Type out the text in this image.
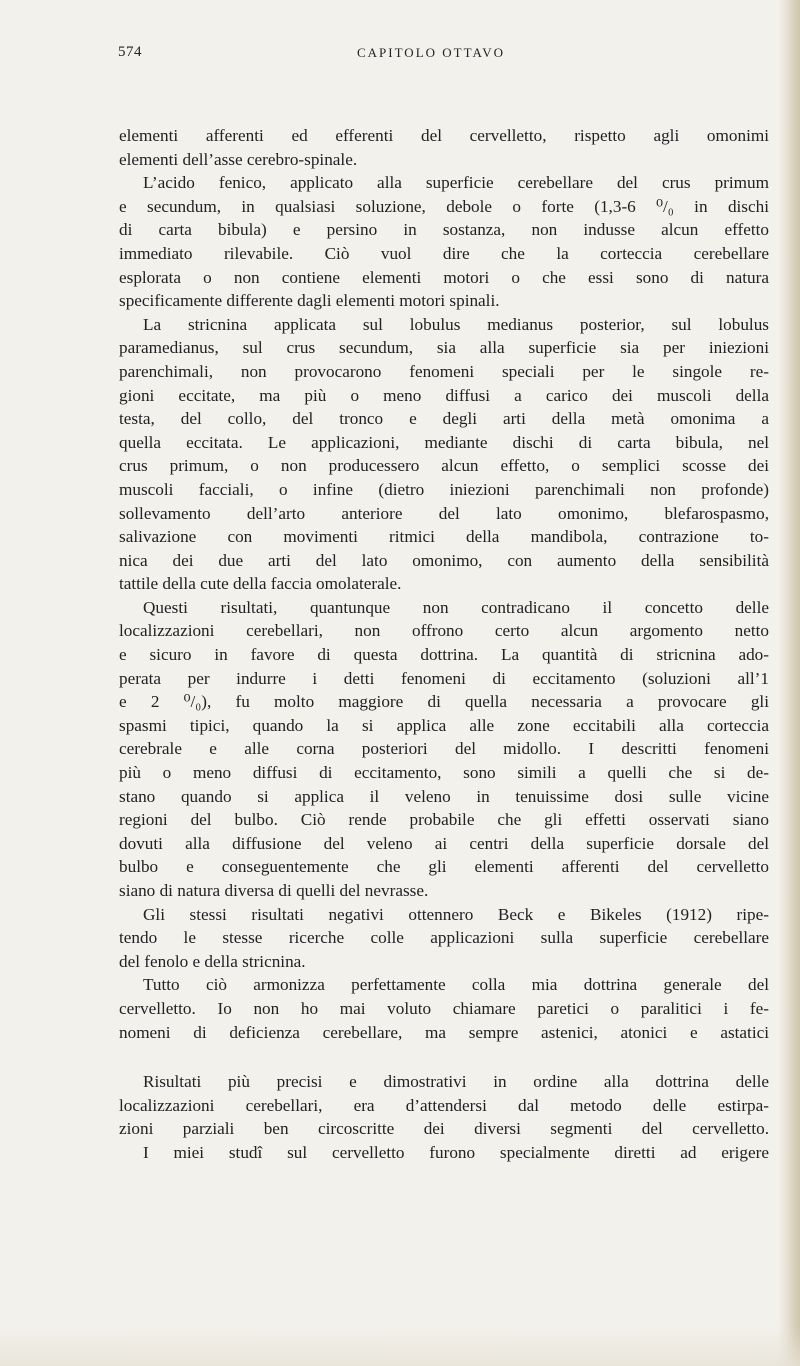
574	CAPITOLO OTTAVO
elementi afferenti ed efferenti del cervelletto, rispetto agli omonimi
elementi dell’asse cerebro-spinale.
L’acido fenico, applicato alla superficie cerebellare del crus primum
e secundum, in qualsiasi soluzione, debole o forte (1,3-6 ⁰/₀ in dischi
di carta bibula) e persino in sostanza, non indusse alcun effetto
immediato rilevabile. Ciò vuol dire che la corteccia cerebellare
esplorata o non contiene elementi motori o che essi sono di natura
specificamente differente dagli elementi motori spinali.
La stricnina applicata sul lobulus medianus posterior, sul lobulus
paramedianus, sul crus secundum, sia alla superficie sia per iniezioni
parenchimali, non provocarono fenomeni speciali per le singole re-
gioni eccitate, ma più o meno diffusi a carico dei muscoli della
testa, del collo, del tronco e degli arti della metà omonima a
quella eccitata. Le applicazioni, mediante dischi di carta bibula, nel
crus primum, o non producessero alcun effetto, o semplici scosse dei
muscoli facciali, o infine (dietro iniezioni parenchimali non profonde)
sollevamento dell’arto anteriore del lato omonimo, blefarospasmo,
salivazione con movimenti ritmici della mandibola, contrazione to-
nica dei due arti del lato omonimo, con aumento della sensibilità
tattile della cute della faccia omolaterale.
Questi risultati, quantunque non contradicano il concetto delle
localizzazioni cerebellari, non offrono certo alcun argomento netto
e sicuro in favore di questa dottrina. La quantità di stricnina ado-
perata per indurre i detti fenomeni di eccitamento (soluzioni all’1
e 2 ⁰/₀), fu molto maggiore di quella necessaria a provocare gli
spasmi tipici, quando la si applica alle zone eccitabili alla corteccia
cerebrale e alle corna posteriori del midollo. I descritti fenomeni
più o meno diffusi di eccitamento, sono simili a quelli che si de-
stano quando si applica il veleno in tenuissime dosi sulle vicine
regioni del bulbo. Ciò rende probabile che gli effetti osservati siano
dovuti alla diffusione del veleno ai centri della superficie dorsale del
bulbo e conseguentemente che gli elementi afferenti del cervelletto
siano di natura diversa di quelli del nevrasse.
Gli stessi risultati negativi ottennero Beck e Bikeles (1912) ripe-
tendo le stesse ricerche colle applicazioni sulla superficie cerebellare
del fenolo e della stricnina.
Tutto ciò armonizza perfettamente colla mia dottrina generale del
cervelletto. Io non ho mai voluto chiamare paretici o paralitici i fe-
nomeni di deficienza cerebellare, ma sempre astenici, atonici e astatici
Risultati più precisi e dimostrativi in ordine alla dottrina delle
localizzazioni cerebellari, era d’attendersi dal metodo delle estirpa-
zioni parziali ben circoscritte dei diversi segmenti del cervelletto.
I miei studî sul cervelletto furono specialmente diretti ad erigere
